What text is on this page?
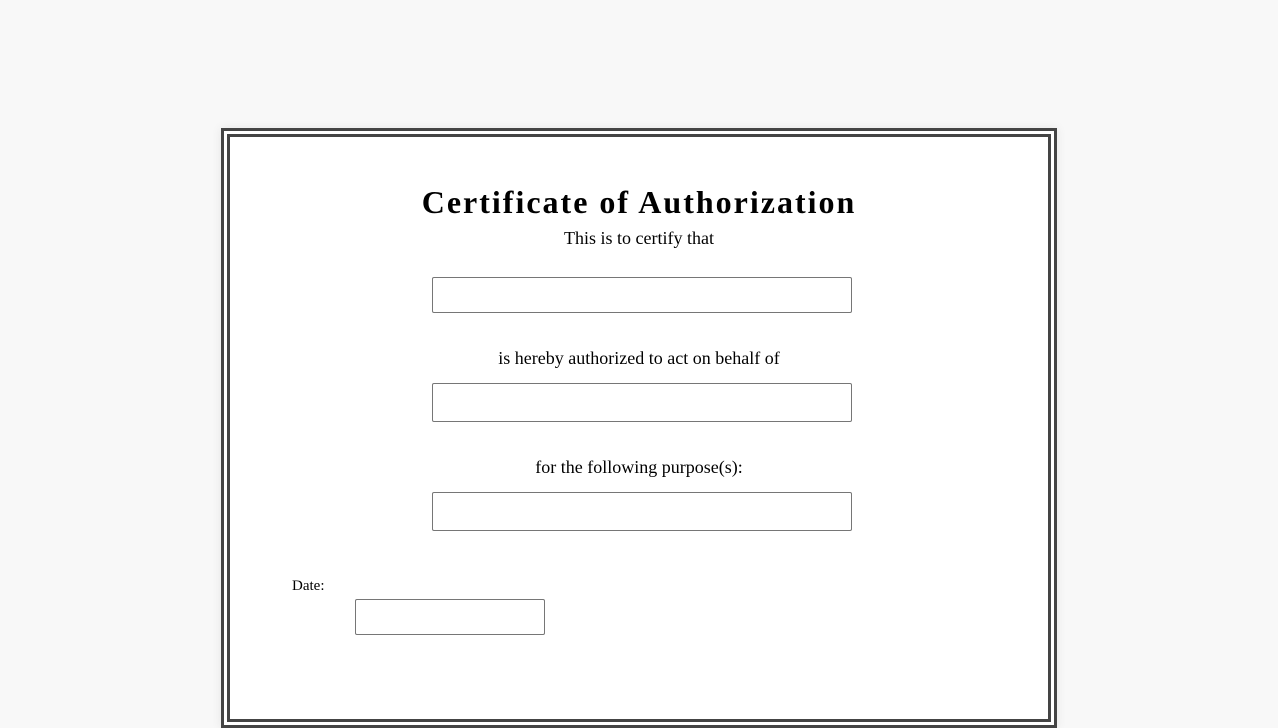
Certificate of Authorization
This is to certify that
is hereby authorized to act on behalf of
for the following purpose(s):
Date:
